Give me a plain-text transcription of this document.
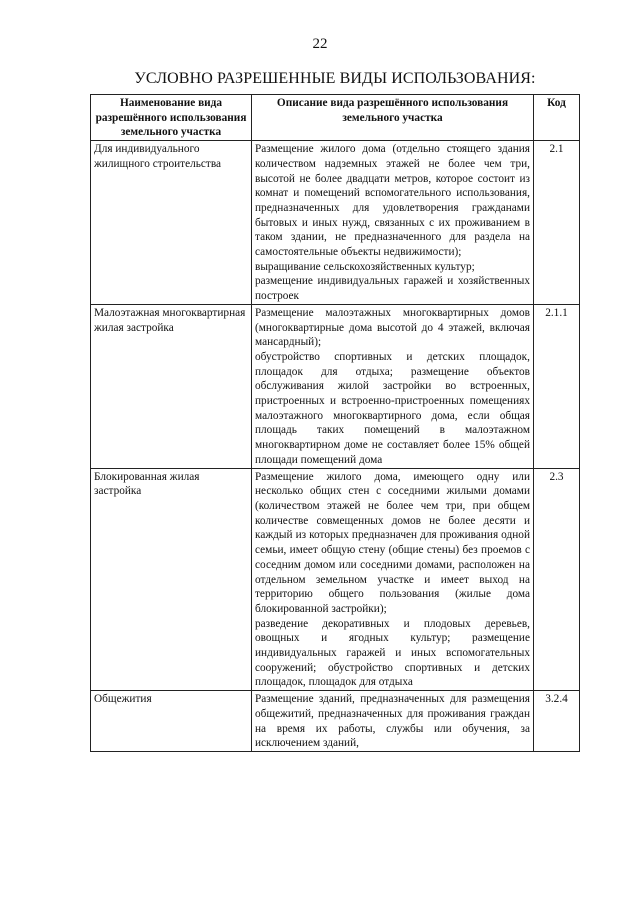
22
УСЛОВНО РАЗРЕШЕННЫЕ ВИДЫ ИСПОЛЬЗОВАНИЯ:
Наименование вида разрешённого использования земельного участка	Описание вида разрешённого использования земельного участка	Код
Для индивидуального жилищного строительства	Размещение жилого дома (отдельно стоящего здания количеством надземных этажей не более чем три, высотой не более двадцати метров, которое состоит из комнат и помещений вспомогательного использования, предназначенных для удовлетворения гражданами бытовых и иных нужд, связанных с их проживанием в таком здании, не предназначенного для раздела на самостоятельные объекты недвижимости);

выращивание сельскохозяйственных культур;

размещение индивидуальных гаражей и хозяйственных построек	2.1
Малоэтажная многоквартирная жилая застройка	Размещение малоэтажных многоквартирных домов (многоквартирные дома высотой до 4 этажей, включая мансардный);

обустройство спортивных и детских площадок, площадок для отдыха; размещение объектов обслуживания жилой застройки во встроенных, пристроенных и встроенно-пристроенных помещениях малоэтажного многоквартирного дома, если общая площадь таких помещений в малоэтажном многоквартирном доме не составляет более 15% общей площади помещений дома	2.1.1
Блокированная жилая застройка	Размещение жилого дома, имеющего одну или несколько общих стен с соседними жилыми домами (количеством этажей не более чем три, при общем количестве совмещенных домов не более десяти и каждый из которых предназначен для проживания одной семьи, имеет общую стену (общие стены) без проемов с соседним домом или соседними домами, расположен на отдельном земельном участке и имеет выход на территорию общего пользования (жилые дома блокированной застройки);

разведение декоративных и плодовых деревьев, овощных и ягодных культур; размещение индивидуальных гаражей и иных вспомогательных сооружений; обустройство спортивных и детских площадок, площадок для отдыха	2.3
Общежития	Размещение зданий, предназначенных для размещения общежитий, предназначенных для проживания граждан на время их работы, службы или обучения, за исключением зданий,	3.2.4
